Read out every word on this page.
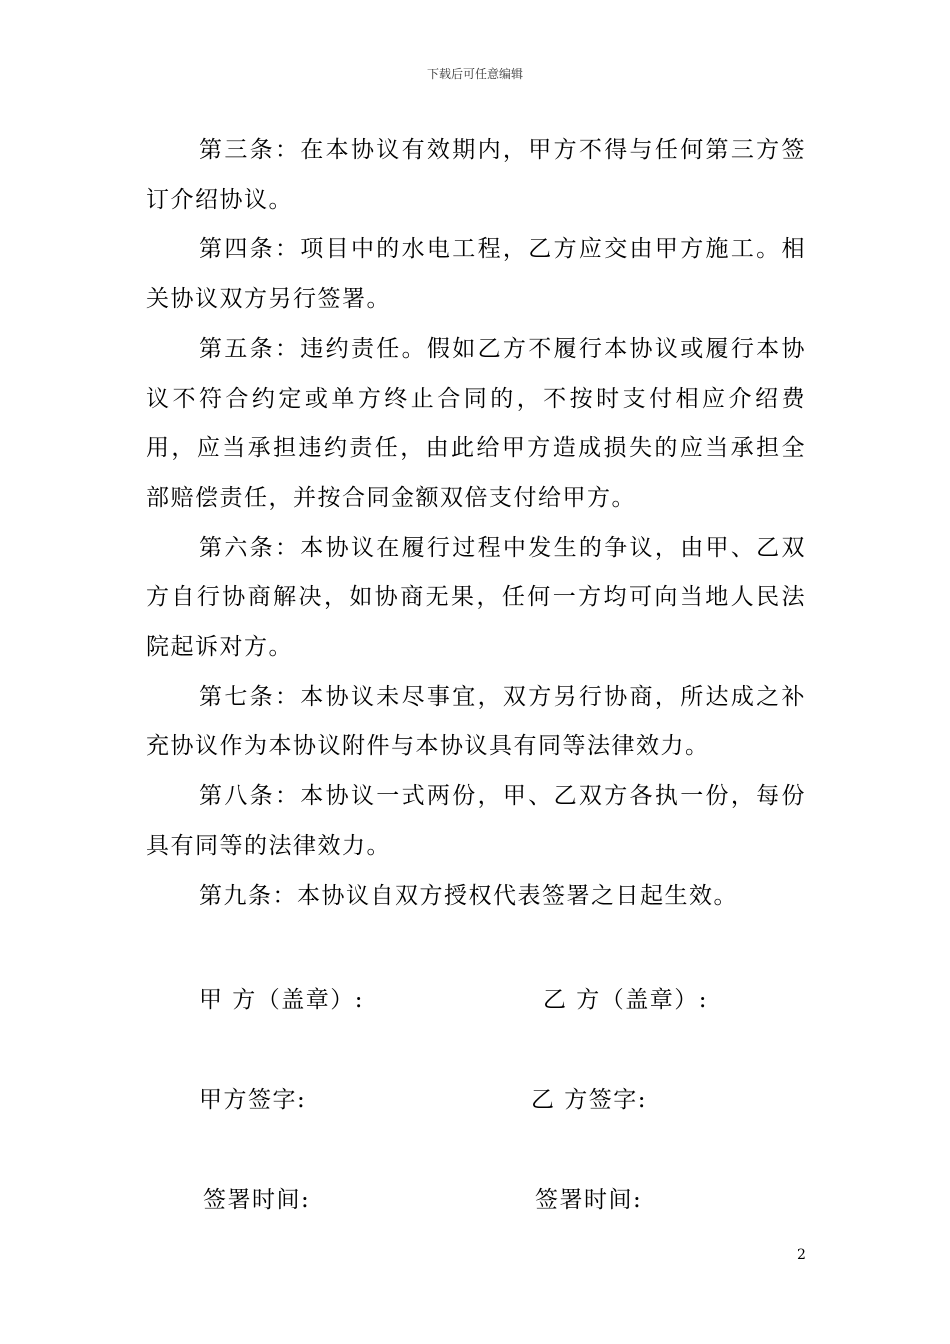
下载后可任意编辑

第三条：在本协议有效期内，甲方不得与任何第三方签 订介绍协议。

第四条：项目中的水电工程，乙方应交由甲方施工。相关协议双方另行签署。

第五条：违约责任。假如乙方不履行本协议或履行本协议不符合约定或单方终止合同的，不按时支付相应介绍费用，应当承担违约责任，由此给甲方造成损失的应当承担全部赔偿责任，并按合同金额双倍支付给甲方。

第六条：本协议在履行过程中发生的争议，由甲、乙双方自行协商解决，如协商无果，任何一方均可向当地人民法院起诉对方。

第七条：本协议未尽事宜，双方另行协商，所达成之补充协议作为本协议附件与本协议具有同等法律效力。

第八条：本协议一式两份，甲、乙双方各执一份，每份具有同等的法律效力。

第九条：本协议自双方授权代表签署之日起生效。

甲 方（盖章）:	乙 方（盖章）:
甲方签字:	乙 方签字:
签署时间:	签署时间:
2
